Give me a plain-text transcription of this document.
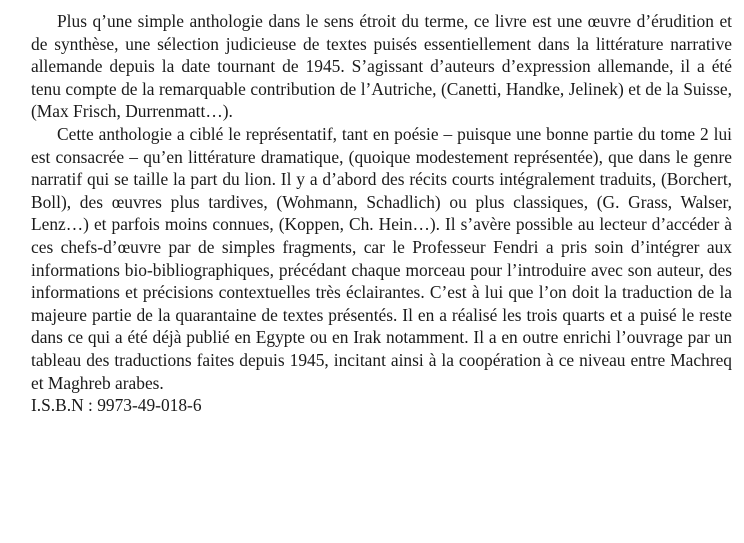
Plus q’une simple anthologie dans le sens étroit du terme, ce livre est une œuvre d’érudition et de synthèse, une sélection judicieuse de textes puisés essentiellement dans la littérature narrative allemande depuis la date tournant de 1945. S’agissant d’auteurs d’expression allemande, il a été tenu compte de la remarquable contribution de l’Autriche, (Canetti, Handke, Jelinek) et de la Suisse, (Max Frisch, Durrenmatt…).

Cette anthologie a ciblé le représentatif, tant en poésie – puisque une bonne partie du tome 2 lui est consacrée – qu’en littérature dramatique, (quoique modestement représentée), que dans le genre narratif qui se taille la part du lion. Il y a d’abord des récits courts intégralement traduits, (Borchert, Boll), des œuvres plus tardives, (Wohmann, Schadlich) ou plus classiques, (G. Grass, Walser, Lenz…) et parfois moins connues, (Koppen, Ch. Hein…). Il s’avère possible au lecteur d’accéder à ces chefs-d’œuvre par de simples fragments, car le Professeur Fendri a pris soin d’intégrer aux informations bio-bibliographiques, précédant chaque morceau pour l’introduire avec son auteur, des informations et précisions contextuelles très éclairantes. C’est à lui que l’on doit la traduction de la majeure partie de la quarantaine de textes présentés. Il en a réalisé les trois quarts et a puisé le reste dans ce qui a été déjà publié en Egypte ou en Irak notamment. Il a en outre enrichi l’ouvrage par un tableau des traductions faites depuis 1945, incitant ainsi à la coopération à ce niveau entre Machreq et Maghreb arabes.

I.S.B.N : 9973-49-018-6
